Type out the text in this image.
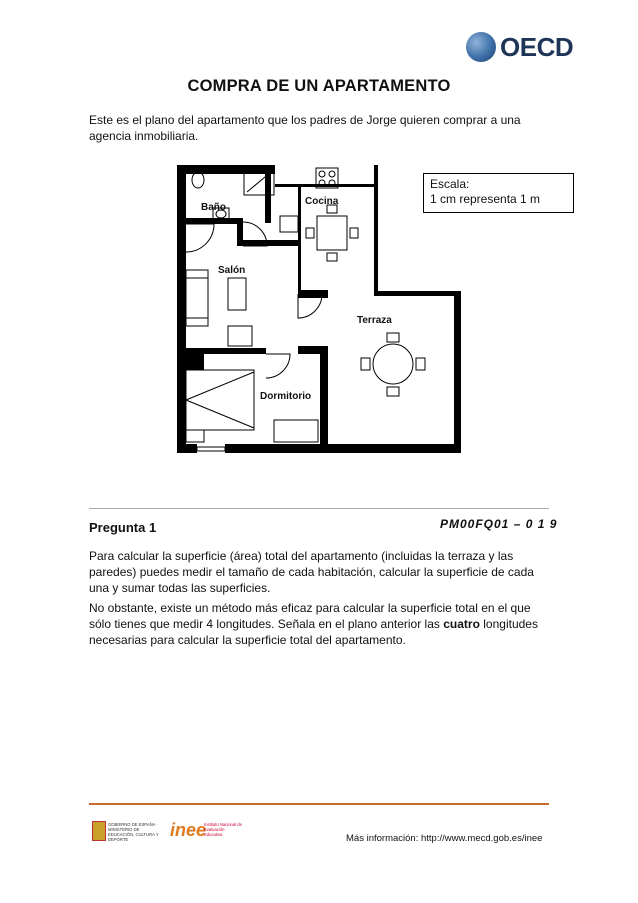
OECD
COMPRA DE UN APARTAMENTO
Este es el plano del apartamento que los padres de Jorge quieren comprar a una agencia inmobiliaria.
Baño
Cocina
Salón
Terraza
Dormitorio
Escala:
1 cm representa 1 m
Pregunta 1	PM00FQ01 – 0 1 9
Para calcular la superficie (área) total del apartamento (incluidas la terraza y las paredes) puedes medir el tamaño de cada habitación, calcular la superficie de cada una y sumar todas las superficies.
No obstante, existe un método más eficaz para calcular la superficie total en el que sólo tienes que medir 4 longitudes. Señala en el plano anterior las cuatro longitudes necesarias para calcular la superficie total del apartamento.
GOBIERNO DE ESPAÑA · MINISTERIO DE EDUCACIÓN, CULTURA Y DEPORTE	inee
Instituto Nacional de Evaluación Educativa	Más información: http://www.mecd.gob.es/inee
